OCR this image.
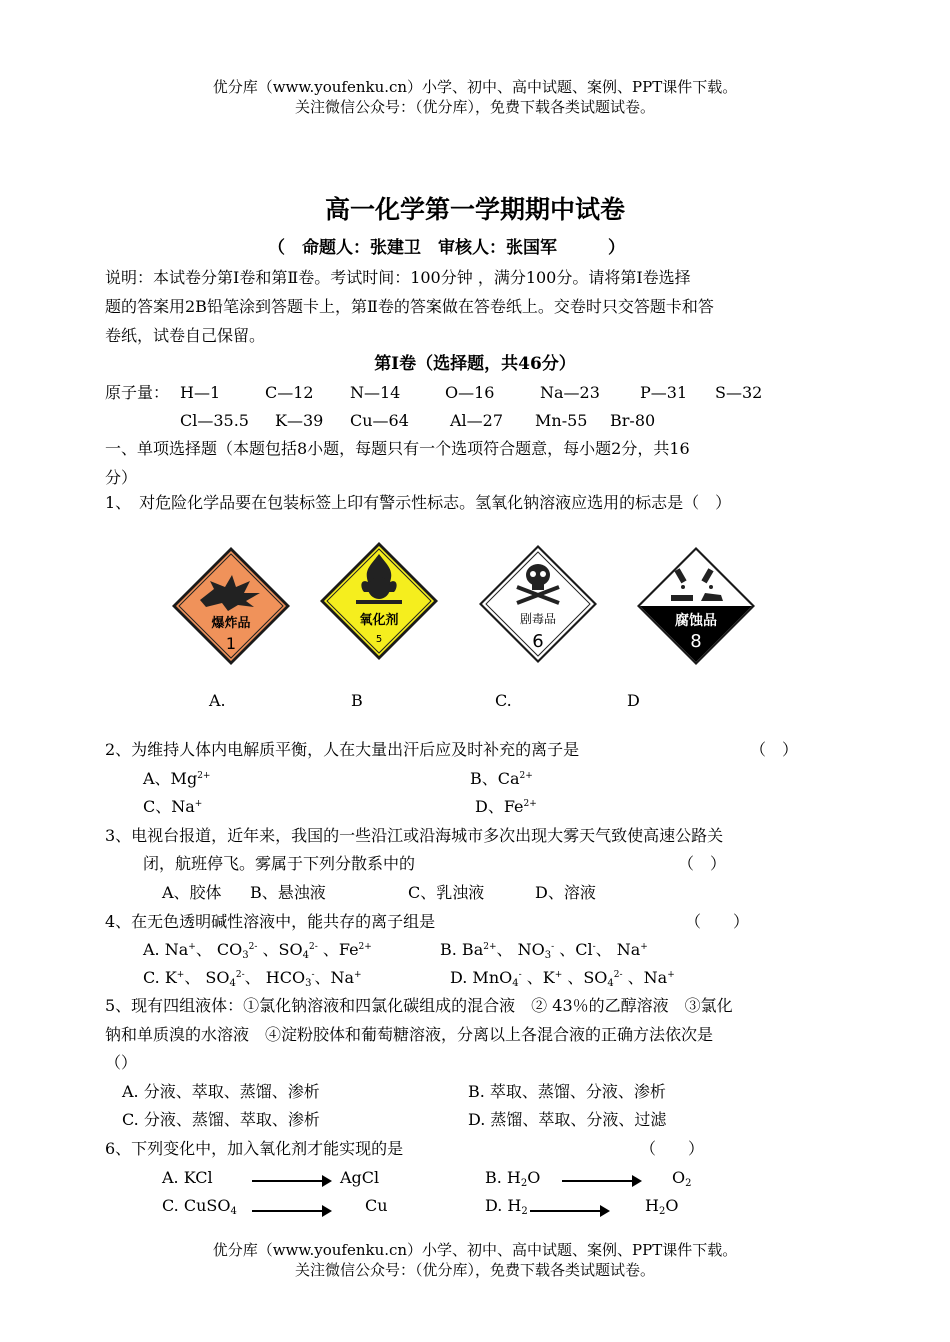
优分库（www.youfenku.cn）小学、初中、高中试题、案例、PPT课件下载。
关注微信公众号：（优分库），免费下载各类试题试卷。
高一化学第一学期期中试卷
（　命题人：张建卫　审核人：张国军　　　）
说明：本试卷分第Ⅰ卷和第Ⅱ卷。考试时间：100分钟 ，满分100分。请将第Ⅰ卷选择
题的答案用2B铅笔涂到答题卡上，第Ⅱ卷的答案做在答卷纸上。交卷时只交答题卡和答
卷纸，试卷自己保留。
第Ⅰ卷（选择题，共46分）
原子量： H—1	C—12 N—14	O—16	Na—23	P—31 S—32
Cl—35.5 K—39 Cu—64	Al—27 Mn-55 Br-80
一、单项选择题（本题包括8小题，每题只有一个选项符合题意，每小题2分，共16
分）
1、　对危险化学品要在包装标签上印有警示性标志。氢氧化钠溶液应选用的标志是（　）
爆炸品
1
氧化剂
5
剧毒品
6
腐蚀品
8
A.	B	C.	D
2、为维持人体内电解质平衡，人在大量出汗后应及时补充的离子是	（　）
A、$Mg^{2+}$	B、$Ca^{2+}$
C、Na+	D、$Fe^{2+}$
3、电视台报道，近年来，我国的一些沿江或沿海城市多次出现大雾天气致使高速公路关
闭，航班停飞。雾属于下列分散系中的	（　）
A、胶体 B、悬浊液	C、乳浊液	D、溶液
4、在无色透明碱性溶液中，能共存的离子组是	（　　）
A. Na+、 $CO_3^{2-}$ 、$SO_4^{2-}$ 、$Fe^{2+}$	B. $Ba^{2+}$、 $NO_3^-$ 、Cl-、 Na+
C. K+、 $SO_4^{2-}$、 $HCO_3^-$、Na+	D. MnO$_4$- 、K+ 、$SO_4^{2-}$ 、Na+
5、现有四组液体：①氯化钠溶液和四氯化碳组成的混合液　② 43％的乙醇溶液　③氯化
钠和单质溴的水溶液　④淀粉胶体和葡萄糖溶液，分离以上各混合液的正确方法依次是
（）
A. 分液、萃取、蒸馏、渗析	B. 萃取、蒸馏、分液、渗析
C. 分液、蒸馏、萃取、渗析	D. 蒸馏、萃取、分液、过滤
6、下列变化中，加入氧化剂才能实现的是	（　　）
A. KCl	AgCl	B. $H_2O$	$O_2$
C. CuSO$_4$	Cu	D. $H_2$	$H_2O$
优分库（www.youfenku.cn）小学、初中、高中试题、案例、PPT课件下载。
关注微信公众号：（优分库），免费下载各类试题试卷。
